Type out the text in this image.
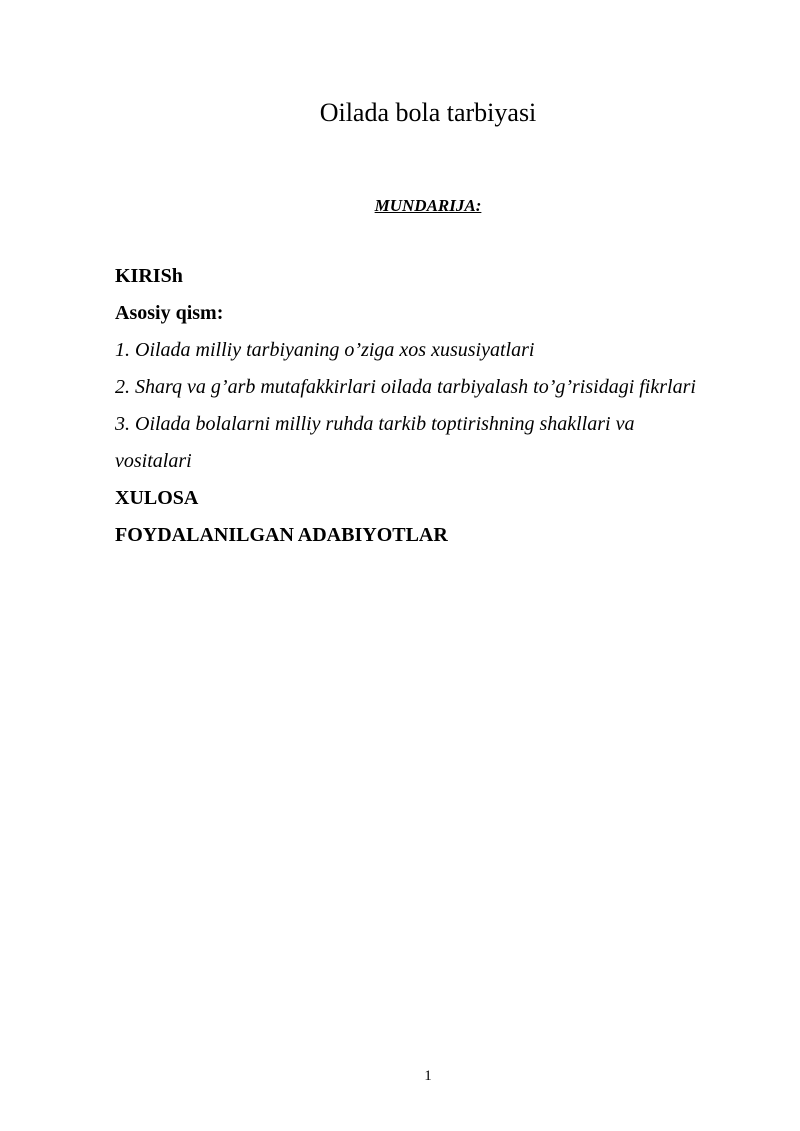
Oilada bola tarbiyasi
MUNDARIJA:
KIRISh
Asosiy qism:
1. Oilada milliy tarbiyaning o’ziga xos xususiyatlari
2. Sharq va g’arb mutafakkirlari oilada tarbiyalash to’g’risidagi fikrlari
3. Oilada bolalarni milliy ruhda tarkib toptirishning shakllari va
vositalari
XULOSA
FOYDALANILGAN ADABIYOTLAR
1
